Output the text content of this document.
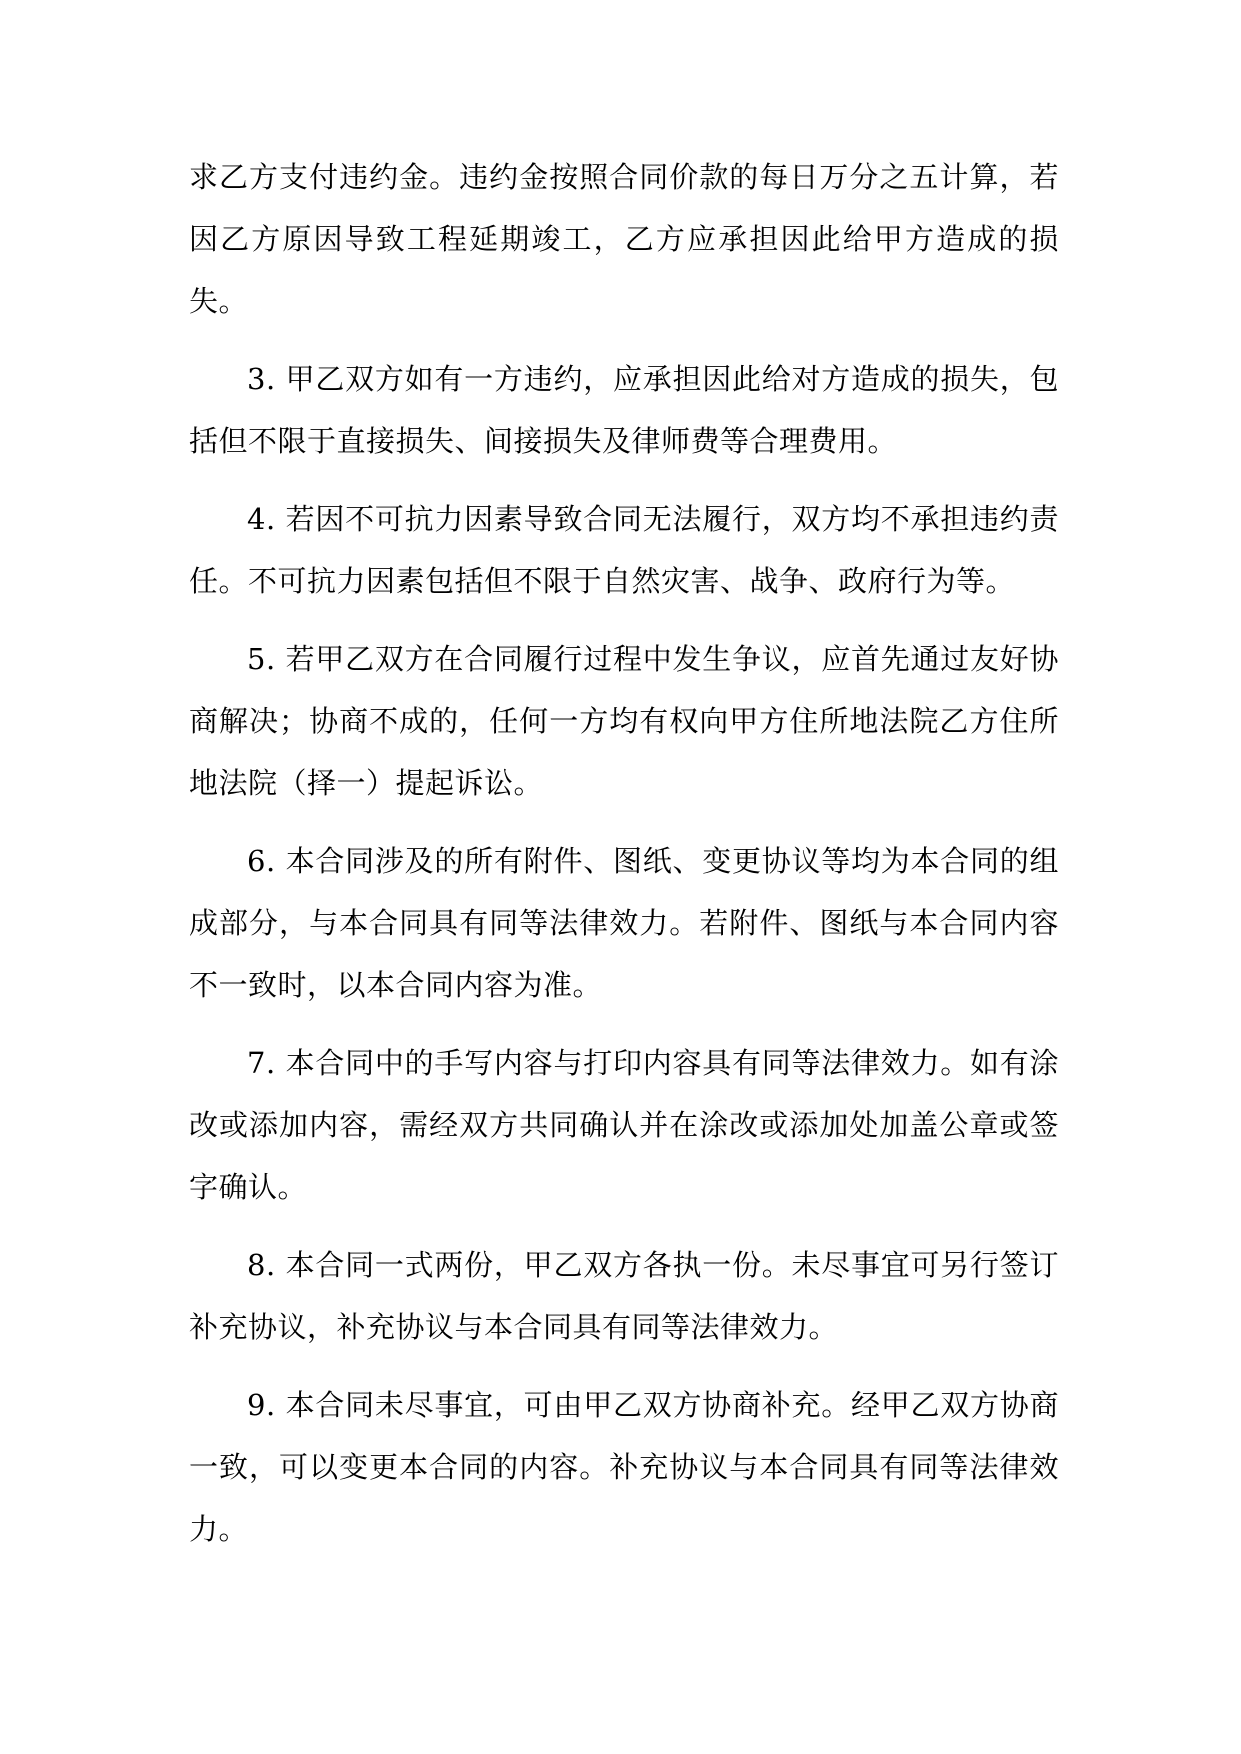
求乙方支付违约金。违约金按照合同价款的每日万分之五计算，若因乙方原因导致工程延期竣工，乙方应承担因此给甲方造成的损失。

3. 甲乙双方如有一方违约，应承担因此给对方造成的损失，包括但不限于直接损失、间接损失及律师费等合理费用。

4. 若因不可抗力因素导致合同无法履行，双方均不承担违约责任。不可抗力因素包括但不限于自然灾害、战争、政府行为等。

5. 若甲乙双方在合同履行过程中发生争议，应首先通过友好协商解决；协商不成的，任何一方均有权向甲方住所地法院乙方住所地法院（择一）提起诉讼。

6. 本合同涉及的所有附件、图纸、变更协议等均为本合同的组成部分，与本合同具有同等法律效力。若附件、图纸与本合同内容不一致时，以本合同内容为准。

7. 本合同中的手写内容与打印内容具有同等法律效力。如有涂改或添加内容，需经双方共同确认并在涂改或添加处加盖公章或签字确认。

8. 本合同一式两份，甲乙双方各执一份。未尽事宜可另行签订补充协议，补充协议与本合同具有同等法律效力。

9. 本合同未尽事宜，可由甲乙双方协商补充。经甲乙双方协商一致，可以变更本合同的内容。补充协议与本合同具有同等法律效力。
